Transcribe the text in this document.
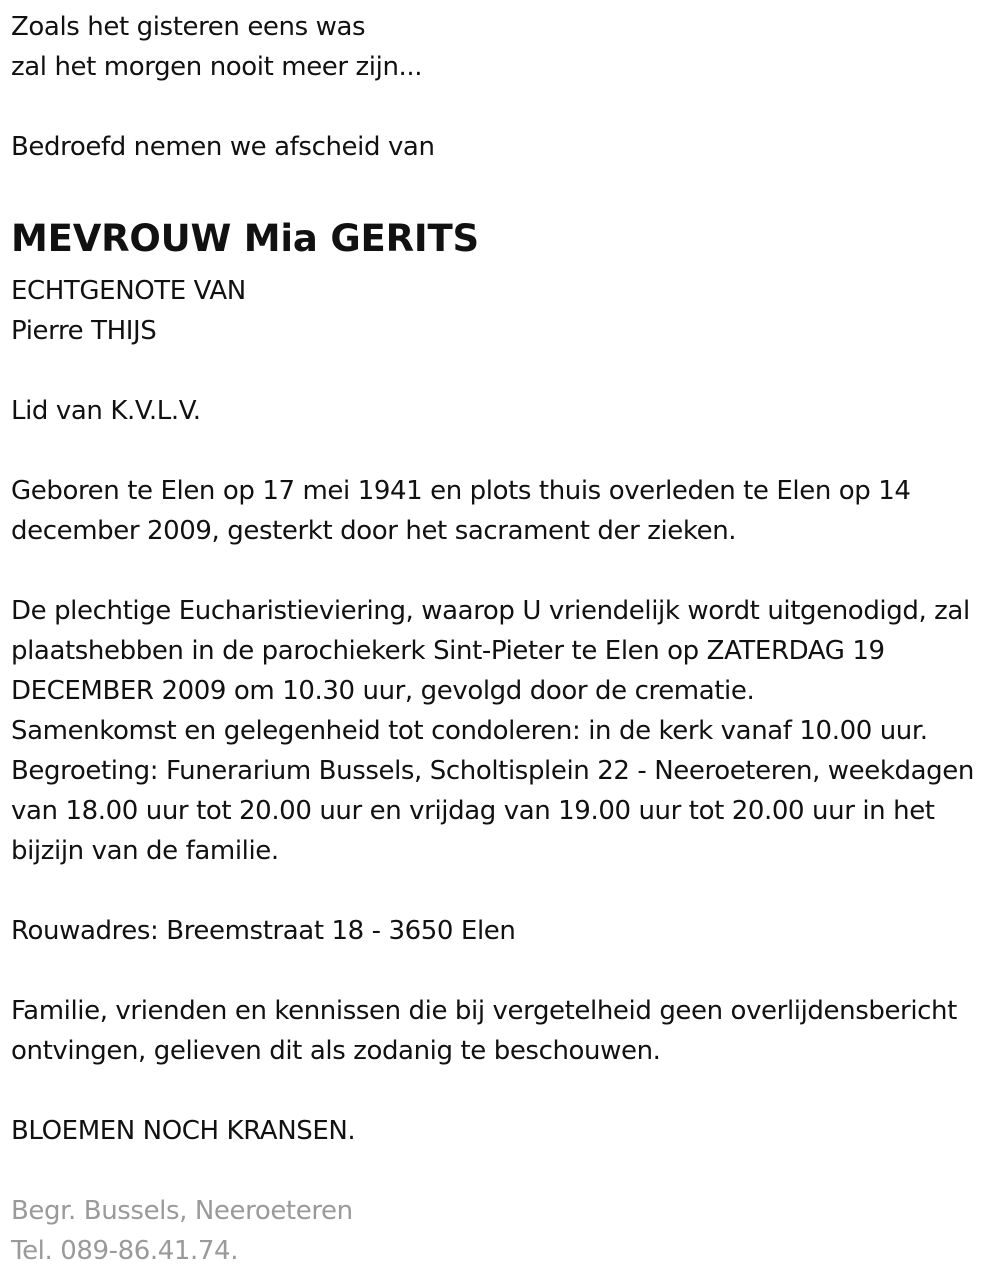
Zoals het gisteren eens was
zal het morgen nooit meer zijn...
Bedroefd nemen we afscheid van
MEVROUW Mia GERITS
ECHTGENOTE VAN
Pierre THIJS
Lid van K.V.L.V.
Geboren te Elen op 17 mei 1941 en plots thuis overleden te Elen op 14 december 2009, gesterkt door het sacrament der zieken.
De plechtige Eucharistieviering, waarop U vriendelijk wordt uitgenodigd, zal plaatshebben in de parochiekerk Sint-Pieter te Elen op ZATERDAG 19 DECEMBER 2009 om 10.30 uur, gevolgd door de crematie.
Samenkomst en gelegenheid tot condoleren: in de kerk vanaf 10.00 uur.
Begroeting: Funerarium Bussels, Scholtisplein 22 - Neeroeteren, weekdagen van 18.00 uur tot 20.00 uur en vrijdag van 19.00 uur tot 20.00 uur in het bijzijn van de familie.
Rouwadres: Breemstraat 18 - 3650 Elen
Familie, vrienden en kennissen die bij vergetelheid geen overlijdensbericht ontvingen, gelieven dit als zodanig te beschouwen.
BLOEMEN NOCH KRANSEN.
Begr. Bussels, Neeroeteren
Tel. 089-86.41.74.
